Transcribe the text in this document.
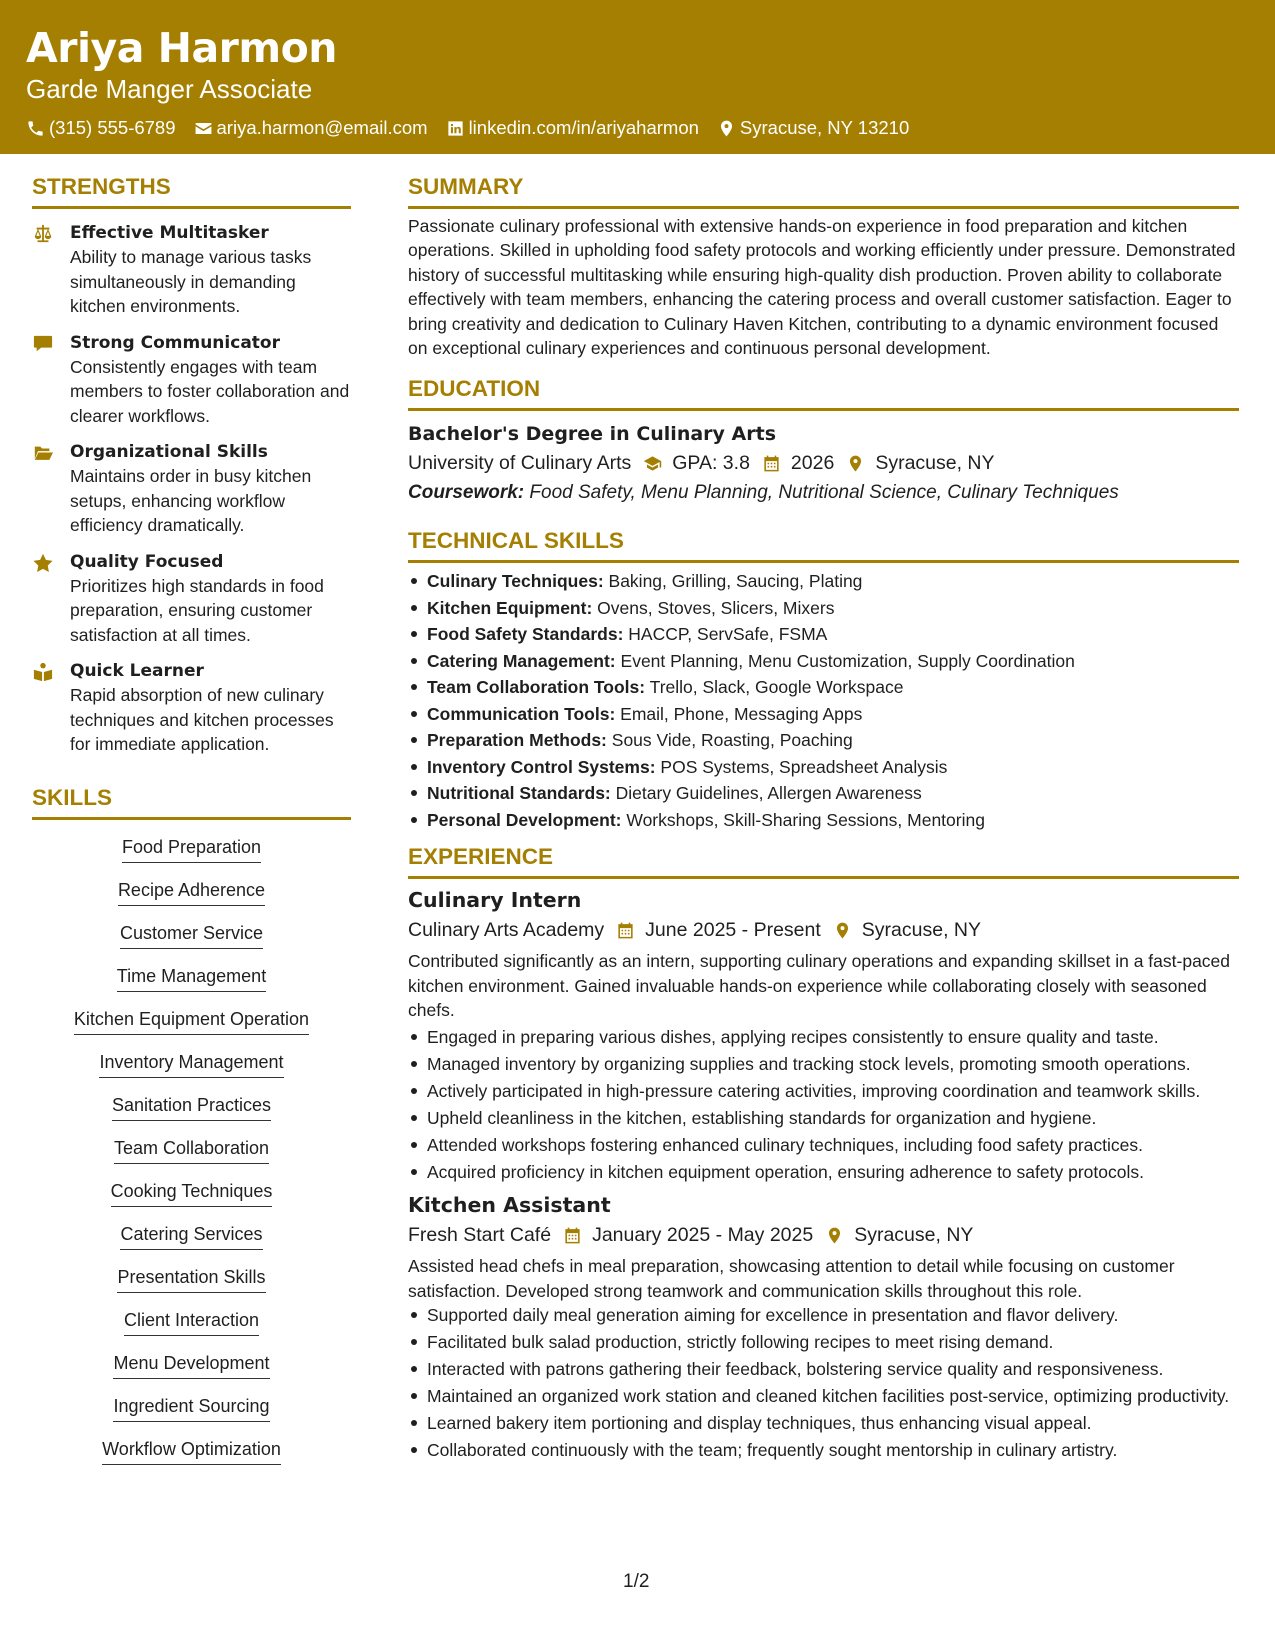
Ariya Harmon
Garde Manger Associate
(315) 555-6789 ariya.harmon@email.com linkedin.com/in/ariyaharmon Syracuse, NY 13210
STRENGTHS
Effective Multitasker
Ability to manage various tasks simultaneously in demanding kitchen environments.
Strong Communicator
Consistently engages with team members to foster collaboration and clearer workflows.
Organizational Skills
Maintains order in busy kitchen setups, enhancing workflow efficiency dramatically.
Quality Focused
Prioritizes high standards in food preparation, ensuring customer satisfaction at all times.
Quick Learner
Rapid absorption of new culinary techniques and kitchen processes for immediate application.
SKILLS
Food Preparation
Recipe Adherence
Customer Service
Time Management
Kitchen Equipment Operation
Inventory Management
Sanitation Practices
Team Collaboration
Cooking Techniques
Catering Services
Presentation Skills
Client Interaction
Menu Development
Ingredient Sourcing
Workflow Optimization
SUMMARY
Passionate culinary professional with extensive hands-on experience in food preparation and kitchen operations. Skilled in upholding food safety protocols and working efficiently under pressure. Demonstrated history of successful multitasking while ensuring high-quality dish production. Proven ability to collaborate effectively with team members, enhancing the catering process and overall customer satisfaction. Eager to bring creativity and dedication to Culinary Haven Kitchen, contributing to a dynamic environment focused on exceptional culinary experiences and continuous personal development.
EDUCATION
Bachelor's Degree in Culinary Arts
University of Culinary Arts GPA: 3.8 2026 Syracuse, NY
Coursework: Food Safety, Menu Planning, Nutritional Science, Culinary Techniques
TECHNICAL SKILLS
Culinary Techniques: Baking, Grilling, Saucing, Plating
Kitchen Equipment: Ovens, Stoves, Slicers, Mixers
Food Safety Standards: HACCP, ServSafe, FSMA
Catering Management: Event Planning, Menu Customization, Supply Coordination
Team Collaboration Tools: Trello, Slack, Google Workspace
Communication Tools: Email, Phone, Messaging Apps
Preparation Methods: Sous Vide, Roasting, Poaching
Inventory Control Systems: POS Systems, Spreadsheet Analysis
Nutritional Standards: Dietary Guidelines, Allergen Awareness
Personal Development: Workshops, Skill-Sharing Sessions, Mentoring
EXPERIENCE
Culinary Intern
Culinary Arts Academy June 2025 - Present Syracuse, NY
Contributed significantly as an intern, supporting culinary operations and expanding skillset in a fast-paced kitchen environment. Gained invaluable hands-on experience while collaborating closely with seasoned chefs.
Engaged in preparing various dishes, applying recipes consistently to ensure quality and taste.
Managed inventory by organizing supplies and tracking stock levels, promoting smooth operations.
Actively participated in high-pressure catering activities, improving coordination and teamwork skills.
Upheld cleanliness in the kitchen, establishing standards for organization and hygiene.
Attended workshops fostering enhanced culinary techniques, including food safety practices.
Acquired proficiency in kitchen equipment operation, ensuring adherence to safety protocols.
Kitchen Assistant
Fresh Start Café January 2025 - May 2025 Syracuse, NY
Assisted head chefs in meal preparation, showcasing attention to detail while focusing on customer satisfaction. Developed strong teamwork and communication skills throughout this role.
Supported daily meal generation aiming for excellence in presentation and flavor delivery.
Facilitated bulk salad production, strictly following recipes to meet rising demand.
Interacted with patrons gathering their feedback, bolstering service quality and responsiveness.
Maintained an organized work station and cleaned kitchen facilities post-service, optimizing productivity.
Learned bakery item portioning and display techniques, thus enhancing visual appeal.
Collaborated continuously with the team; frequently sought mentorship in culinary artistry.
1/2
